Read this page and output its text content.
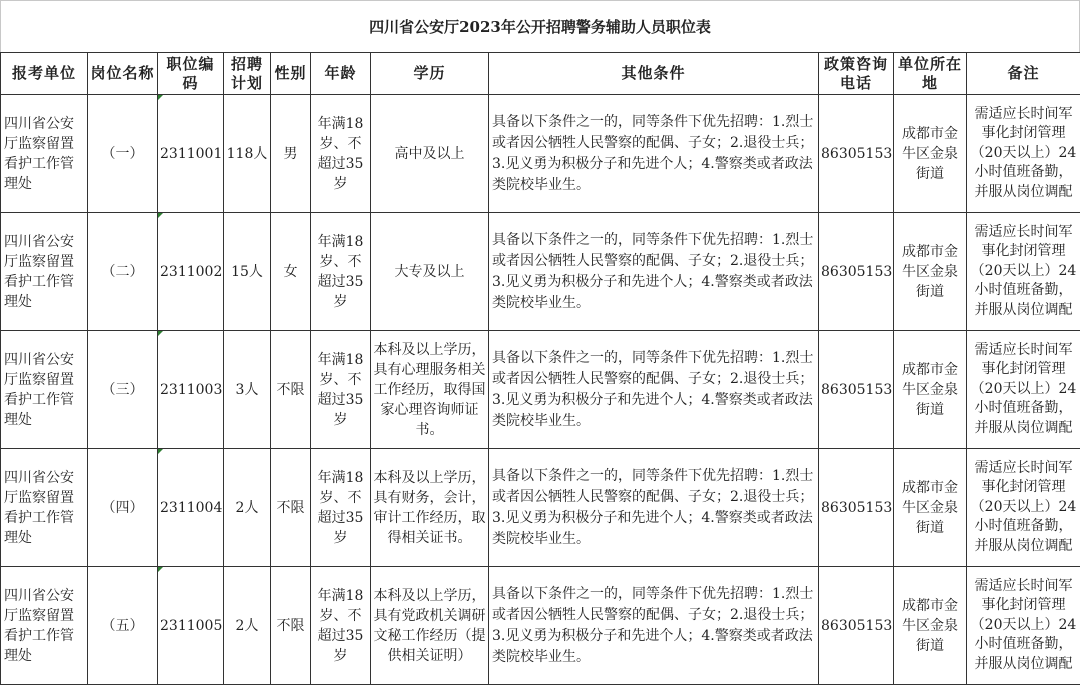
四川省公安厅2023年公开招聘警务辅助人员职位表
报考单位	岗位名称	职位编码	招聘计划	性别	年龄	学历	其他条件	政策咨询电话	单位所在地	备注
四川省公安厅监察留置看护工作管理处	（一）	2311001	118人	男	年满18岁、不超过35岁	高中及以上	具备以下条件之一的，同等条件下优先招聘：1.烈士或者因公牺牲人民警察的配偶、子女；2.退役士兵；3.见义勇为积极分子和先进个人；4.警察类或者政法类院校毕业生。	86305153	成都市金牛区金泉街道	需适应长时间军事化封闭管理（20天以上）24小时值班备勤，并服从岗位调配
四川省公安厅监察留置看护工作管理处	（二）	2311002	15人	女	年满18岁、不超过35岁	大专及以上	具备以下条件之一的，同等条件下优先招聘：1.烈士或者因公牺牲人民警察的配偶、子女；2.退役士兵；3.见义勇为积极分子和先进个人；4.警察类或者政法类院校毕业生。	86305153	成都市金牛区金泉街道	需适应长时间军事化封闭管理（20天以上）24小时值班备勤，并服从岗位调配
四川省公安厅监察留置看护工作管理处	（三）	2311003	3人	不限	年满18岁、不超过35岁	本科及以上学历，具有心理服务相关工作经历，取得国家心理咨询师证书。	具备以下条件之一的，同等条件下优先招聘：1.烈士或者因公牺牲人民警察的配偶、子女；2.退役士兵；3.见义勇为积极分子和先进个人；4.警察类或者政法类院校毕业生。	86305153	成都市金牛区金泉街道	需适应长时间军事化封闭管理（20天以上）24小时值班备勤，并服从岗位调配
四川省公安厅监察留置看护工作管理处	（四）	2311004	2人	不限	年满18岁、不超过35岁	本科及以上学历，具有财务，会计，审计工作经历，取得相关证书。	具备以下条件之一的，同等条件下优先招聘：1.烈士或者因公牺牲人民警察的配偶、子女；2.退役士兵；3.见义勇为积极分子和先进个人；4.警察类或者政法类院校毕业生。	86305153	成都市金牛区金泉街道	需适应长时间军事化封闭管理（20天以上）24小时值班备勤，并服从岗位调配
四川省公安厅监察留置看护工作管理处	（五）	2311005	2人	不限	年满18岁、不超过35岁	本科及以上学历，具有党政机关调研文秘工作经历（提供相关证明）	具备以下条件之一的，同等条件下优先招聘：1.烈士或者因公牺牲人民警察的配偶、子女；2.退役士兵；3.见义勇为积极分子和先进个人；4.警察类或者政法类院校毕业生。	86305153	成都市金牛区金泉街道	需适应长时间军事化封闭管理（20天以上）24小时值班备勤，并服从岗位调配
